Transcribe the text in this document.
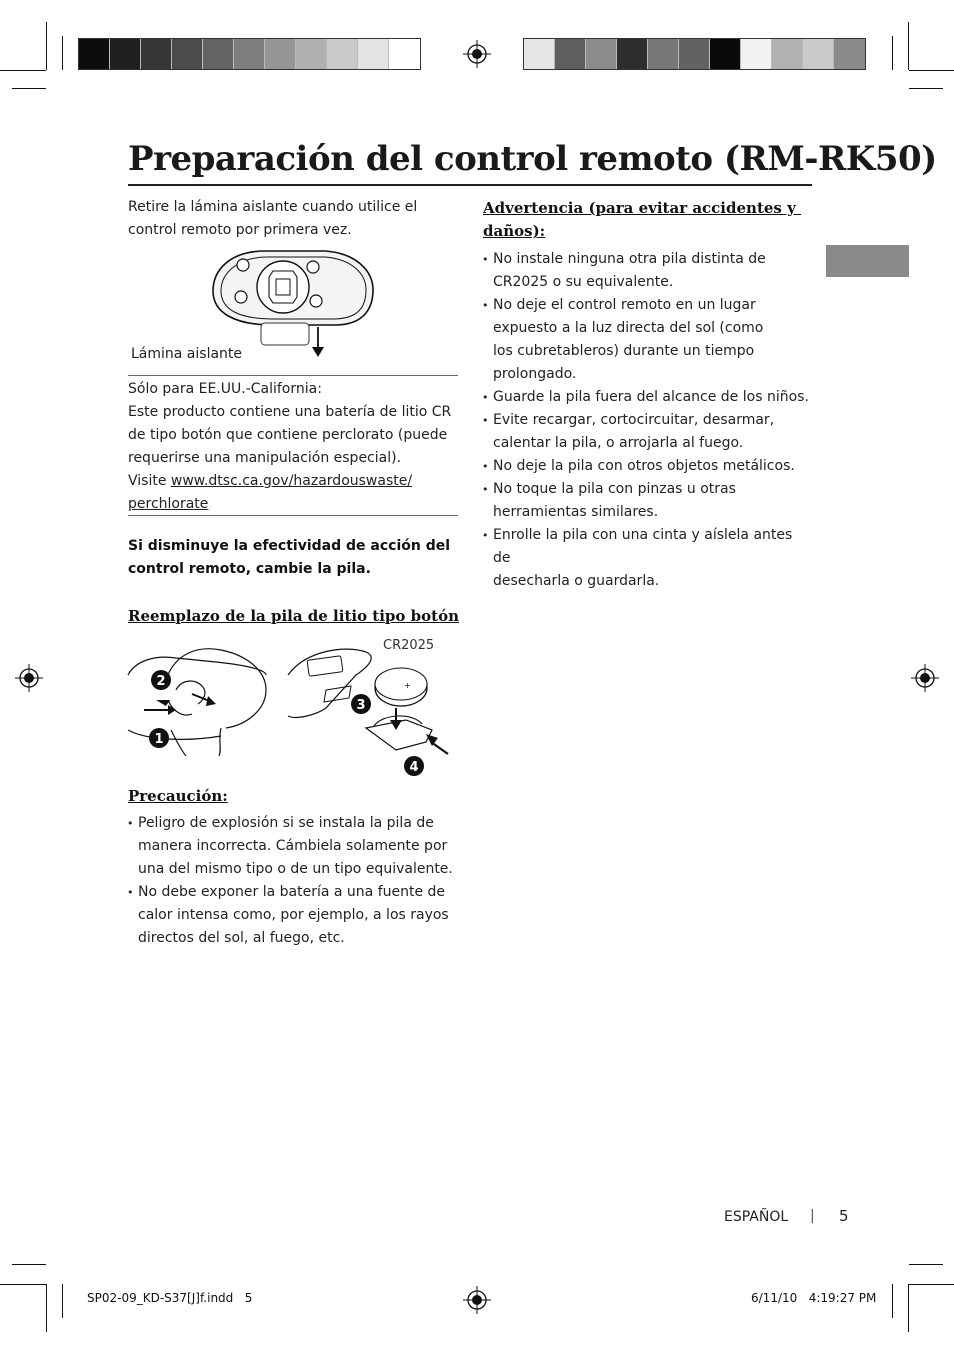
Preparación del control remoto (RM-RK50)
Retire la lámina aislante cuando utilice el
control remoto por primera vez.
Lámina aislante
Sólo para EE.UU.-California:
Este producto contiene una batería de litio CR
de tipo botón que contiene perclorato (puede
requerirse una manipulación especial).
Visite www.dtsc.ca.gov/hazardouswaste/
perchlorate
Si disminuye la efectividad de acción del
control remoto, cambie la pila.
Reemplazo de la pila de litio tipo botón
+
2
1
3
4
CR2025
Precaución:
• Peligro de explosión si se instala la pila de
manera incorrecta. Cámbiela solamente por
una del mismo tipo o de un tipo equivalente.
• No debe exponer la batería a una fuente de
calor intensa como, por ejemplo, a los rayos
directos del sol, al fuego, etc.
Advertencia (para evitar accidentes y
daños):
• No instale ninguna otra pila distinta de
CR2025 o su equivalente.
• No deje el control remoto en un lugar
expuesto a la luz directa del sol (como
los cubretableros) durante un tiempo
prolongado.
• Guarde la pila fuera del alcance de los niños.
• Evite recargar, cortocircuitar, desarmar,
calentar la pila, o arrojarla al fuego.
• No deje la pila con otros objetos metálicos.
• No toque la pila con pinzas u otras
herramientas similares.
• Enrolle la pila con una cinta y aíslela antes de
desecharla o guardarla.
ESPAÑOL | 5
SP02-09_KD-S37[J]f.indd   5	6/11/10   4:19:27 PM
